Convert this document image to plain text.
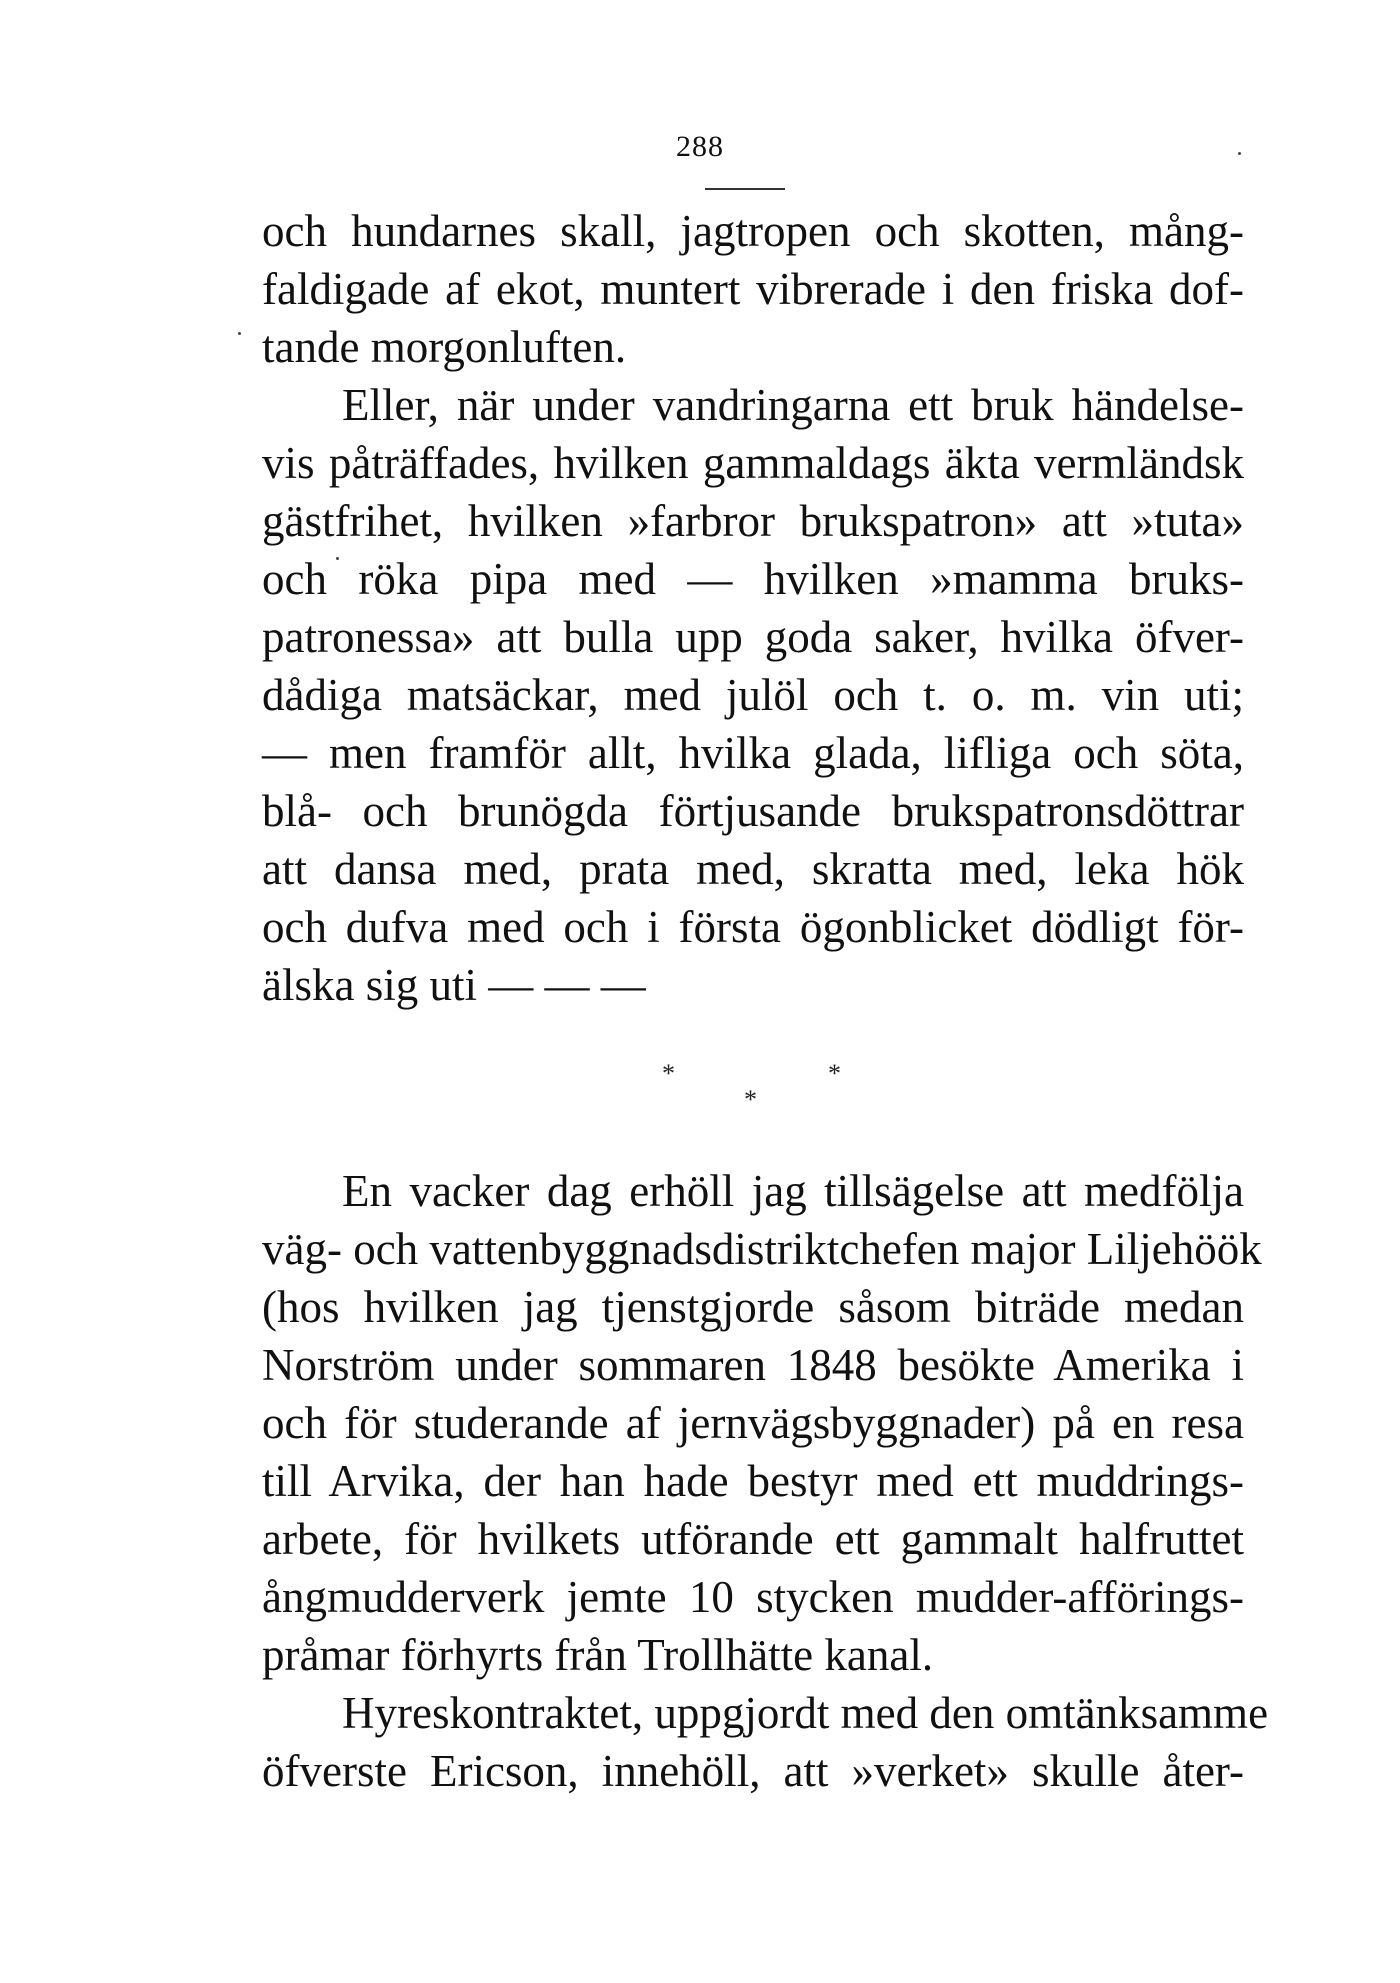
288
och hundarnes skall, jagtropen och skotten, mång-
faldigade af ekot, muntert vibrerade i den friska dof-
tande morgonluften.
Eller, när under vandringarna ett bruk händelse-
vis påträffades, hvilken gammaldags äkta vermländsk
gästfrihet, hvilken »farbror brukspatron» att »tuta»
och röka pipa med — hvilken »mamma bruks-
patronessa» att bulla upp goda saker, hvilka öfver-
dådiga matsäckar, med julöl och t. o. m. vin uti;
— men framför allt, hvilka glada, lifliga och söta,
blå- och brunögda förtjusande brukspatronsdöttrar
att dansa med, prata med, skratta med, leka hök
och dufva med och i första ögonblicket dödligt för-
älska sig uti — — —
*	*
*
En vacker dag erhöll jag tillsägelse att medfölja
väg- och vattenbyggnadsdistriktchefen major Liljehöök
(hos hvilken jag tjenstgjorde såsom biträde medan
Norström under sommaren 1848 besökte Amerika i
och för studerande af jernvägsbyggnader) på en resa
till Arvika, der han hade bestyr med ett muddrings-
arbete, för hvilkets utförande ett gammalt halfruttet
ångmudderverk jemte 10 stycken mudder-afförings-
pråmar förhyrts från Trollhätte kanal.
Hyreskontraktet, uppgjordt med den omtänksamme
öfverste Ericson, innehöll, att »verket» skulle åter-
